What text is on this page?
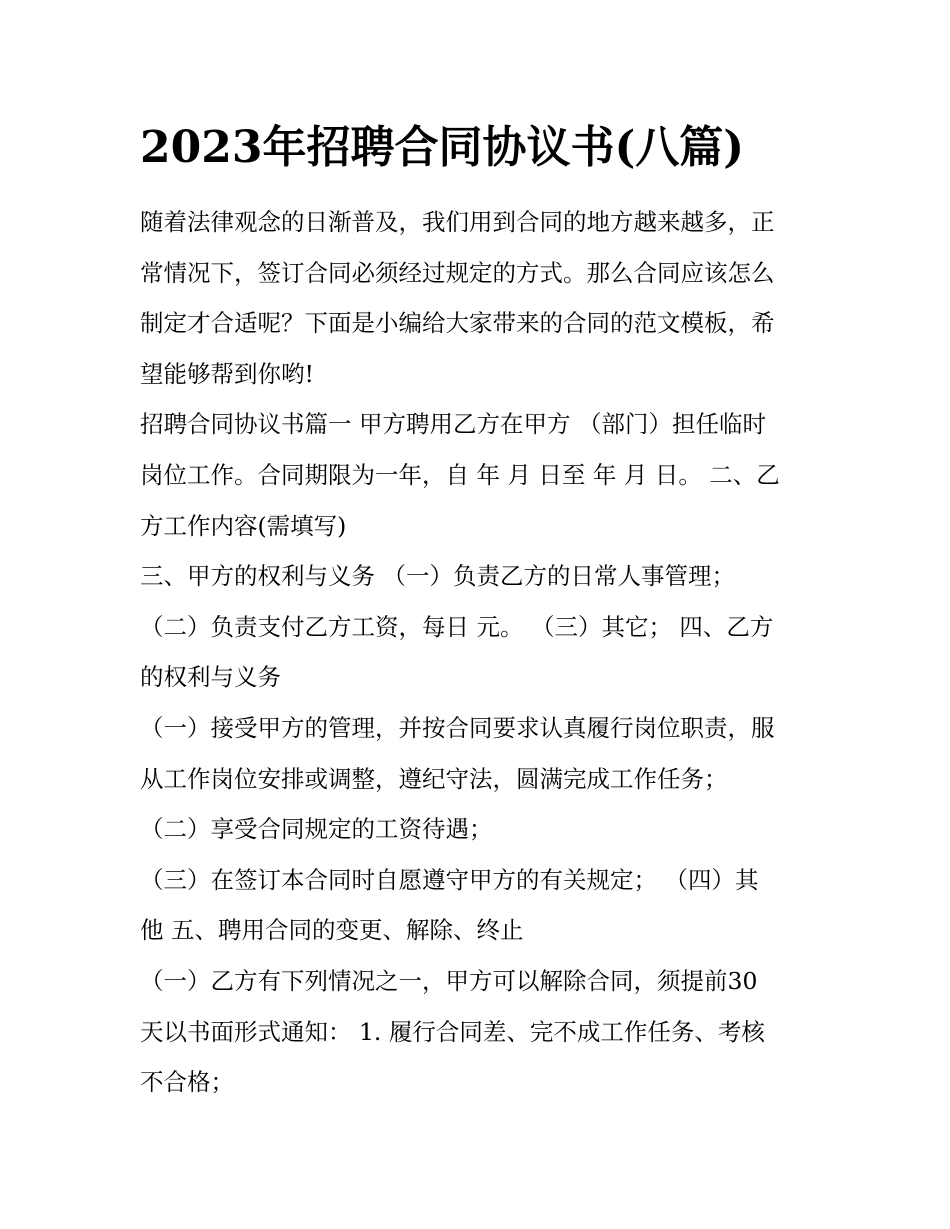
2023年招聘合同协议书(八篇)
随着法律观念的日渐普及，我们用到合同的地方越来越多，正
常情况下，签订合同必须经过规定的方式。那么合同应该怎么
制定才合适呢？下面是小编给大家带来的合同的范文模板，希
望能够帮到你哟!
招聘合同协议书篇一 甲方聘用乙方在甲方 （部门）担任临时
岗位工作。合同期限为一年，自 年 月 日至 年 月 日。 二、乙
方工作内容(需填写)
三、甲方的权利与义务 （一）负责乙方的日常人事管理；
（二）负责支付乙方工资，每日 元。 （三）其它； 四、乙方
的权利与义务
（一）接受甲方的管理，并按合同要求认真履行岗位职责，服
从工作岗位安排或调整，遵纪守法，圆满完成工作任务；
（二）享受合同规定的工资待遇；
（三）在签订本合同时自愿遵守甲方的有关规定； （四）其
他 五、聘用合同的变更、解除、终止
（一）乙方有下列情况之一，甲方可以解除合同，须提前30
天以书面形式通知： 1. 履行合同差、完不成工作任务、考核
不合格；
